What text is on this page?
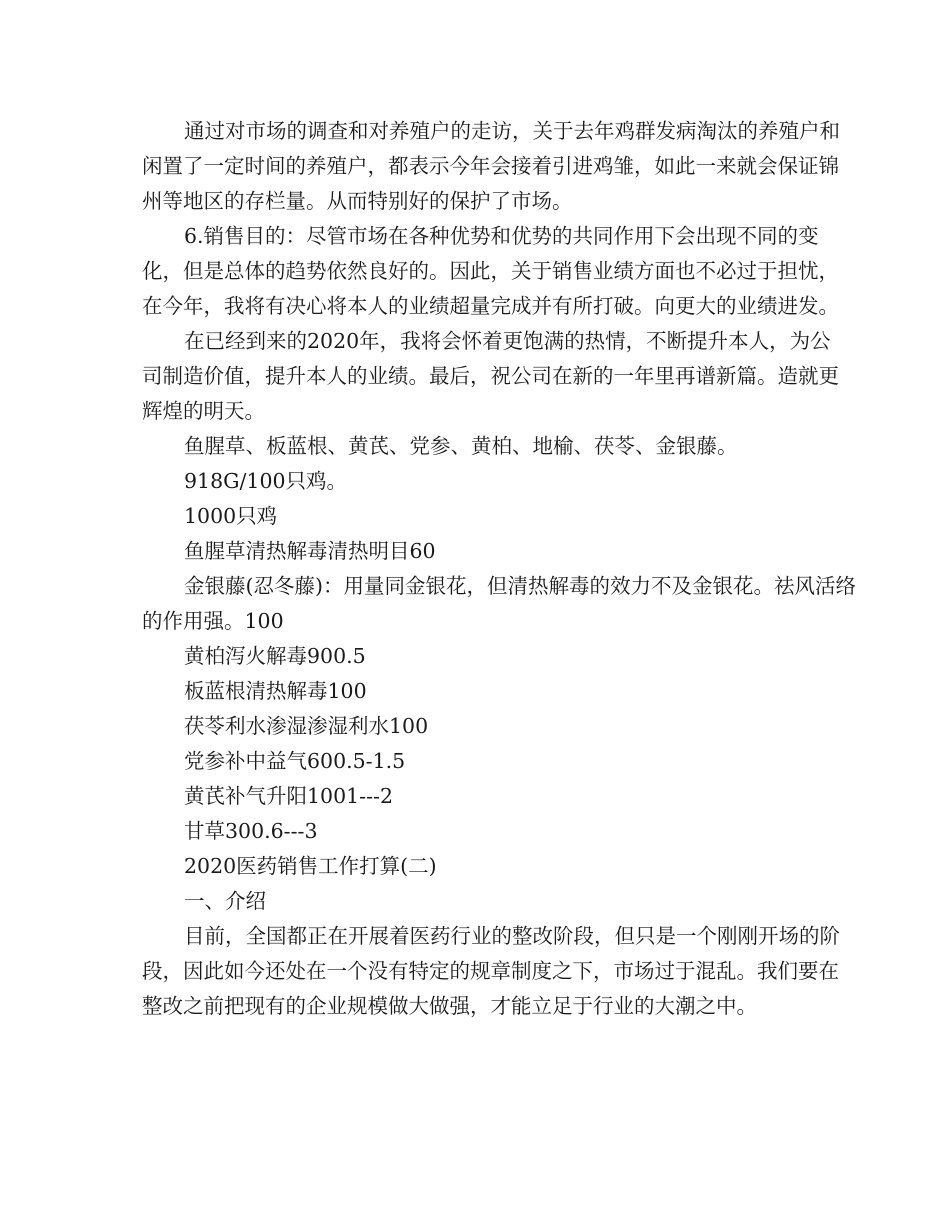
通过对市场的调查和对养殖户的走访，关于去年鸡群发病淘汰的养殖户和闲置了一定时间的养殖户，都表示今年会接着引进鸡雏，如此一来就会保证锦州等地区的存栏量。从而特别好的保护了市场。

6.销售目的：尽管市场在各种优势和优势的共同作用下会出现不同的变化，但是总体的趋势依然良好的。因此，关于销售业绩方面也不必过于担忧，在今年，我将有决心将本人的业绩超量完成并有所打破。向更大的业绩进发。

在已经到来的2020年，我将会怀着更饱满的热情，不断提升本人，为公司制造价值，提升本人的业绩。最后，祝公司在新的一年里再谱新篇。造就更辉煌的明天。

鱼腥草、板蓝根、黄芪、党参、黄柏、地榆、茯苓、金银藤。

918G/100只鸡。

1000只鸡

鱼腥草清热解毒清热明目60

金银藤(忍冬藤)：用量同金银花，但清热解毒的效力不及金银花。祛风活络的作用强。100

黄柏泻火解毒900.5

板蓝根清热解毒100

茯苓利水渗湿渗湿利水100

党参补中益气600.5-1.5

黄芪补气升阳1001---2

甘草300.6---3

2020医药销售工作打算(二)

一、介绍

目前，全国都正在开展着医药行业的整改阶段，但只是一个刚刚开场的阶段，因此如今还处在一个没有特定的规章制度之下，市场过于混乱。我们要在整改之前把现有的企业规模做大做强，才能立足于行业的大潮之中。
